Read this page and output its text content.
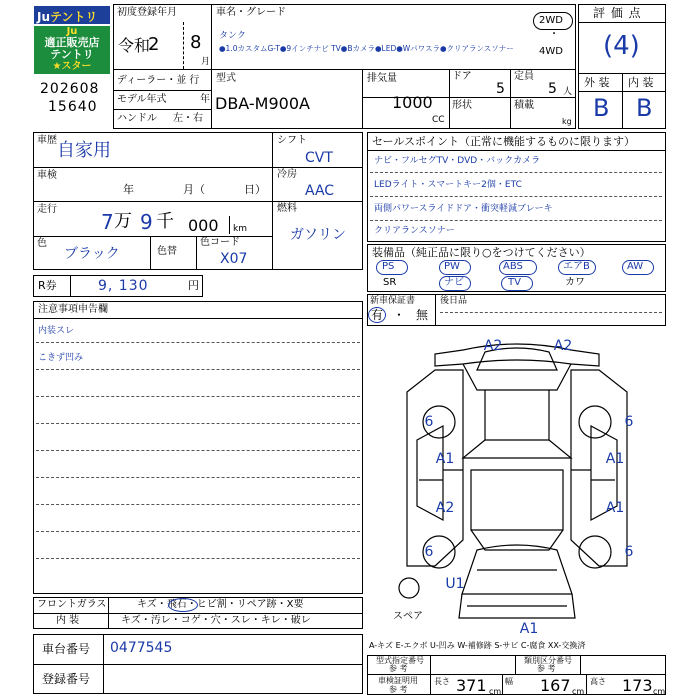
Juテントリ
Ju
適正販売店
テントリ
★スター
202608
15640
初度登録年月
令和
2 8
月
車名・グレード
タンク
●1.0カスタムG-T●9インチナビ TV●Bカメラ●LED●Wパワスラ●クリアランスソナー
2WD
・
4WD
ディーラー・並 行
モデル年式	年
ハンドル 左・右
型式
DBA-M900A
排気量
1000
CC
ドア
5
定員
5 人
形状	積載
kg
評 価 点
(4)
外 装 内 装
B B
車歴 自家用
車検
年	月（	日）
走行
7 万 9 千 000 km
色
ブラック	色替
色コード
X07
シフト
CVT
冷房
AAC
燃料
ガソリン
R券	9, 130	円
セールスポイント（正常に機能するものに限ります）
ナビ・フルセグTV・DVD・バックカメラ
LEDライト・スマートキー2個・ETC
両側パワースライドドア・衝突軽減ブレーキ
クリアランスソナー
装備品（純正品に限り○をつけてください）
PS	PW	ABS	エアB	AW
SR	ナビ	TV	カワ
新車保証書
有 ・ 無
後日品
注意事項申告欄
内装スレ
こきず凹み
フロントガラス	キズ・飛石・ヒビ割・リペア跡・X要
内 装	キズ・汚レ・コゲ・穴・スレ・キレ・破レ
車台番号 0477545
登録番号
A2	A2
6	6
A1	A1
A2	A1
6	6
U1
A1
スペア
A-キズ E-エクボ U-凹み W-補修跡 S-サビ C-腐食 XX-交換済
型式指定番号
参 考
類別区分番号
参 考
車検証明用
参 考
長さ 371 cm
幅 167 cm
高さ 173 cm
